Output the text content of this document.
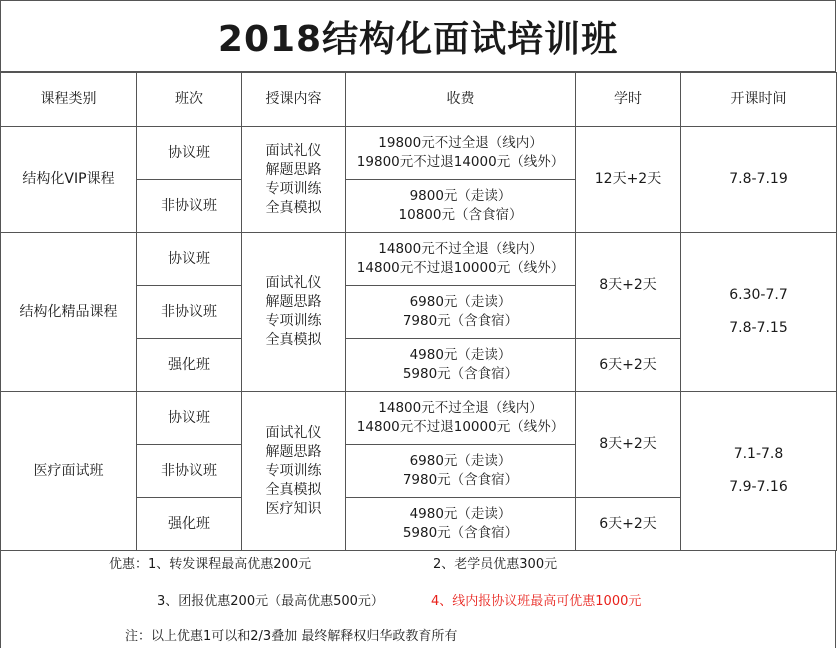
2018结构化面试培训班
课程类别	班次	授课内容	收费	学时	开课时间
结构化VIP课程	协议班	面试礼仪
解题思路
专项训练
全真模拟	19800元不过全退（线内）
19800元不过退14000元（线外）	12天+2天	7.8-7.19
	非协议班		9800元（走读）
10800元（含食宿）		

结构化精品课程	协议班	面试礼仪
解题思路
专项训练
全真模拟	14800元不过全退（线内）
14800元不过退10000元（线外）	8天+2天	6.30-7.7
7.8-7.15

	非协议班		6980元（走读）
7980元（含食宿）		

	强化班		4980元（走读）
5980元（含食宿）	6天+2天	
医疗面试班	协议班	面试礼仪
解题思路
专项训练
全真模拟
医疗知识	14800元不过全退（线内）
14800元不过退10000元（线外）	8天+2天	7.1-7.8
7.9-7.16

	非协议班		6980元（走读）
7980元（含食宿）		

	强化班		4980元（走读）
5980元（含食宿）	6天+2天	
优惠：1、转发课程最高优惠200元	2、老学员优惠300元
3、团报优惠200元（最高优惠500元）	4、线内报协议班最高可优惠1000元
注：以上优惠1可以和2/3叠加 最终解释权归华政教育所有
